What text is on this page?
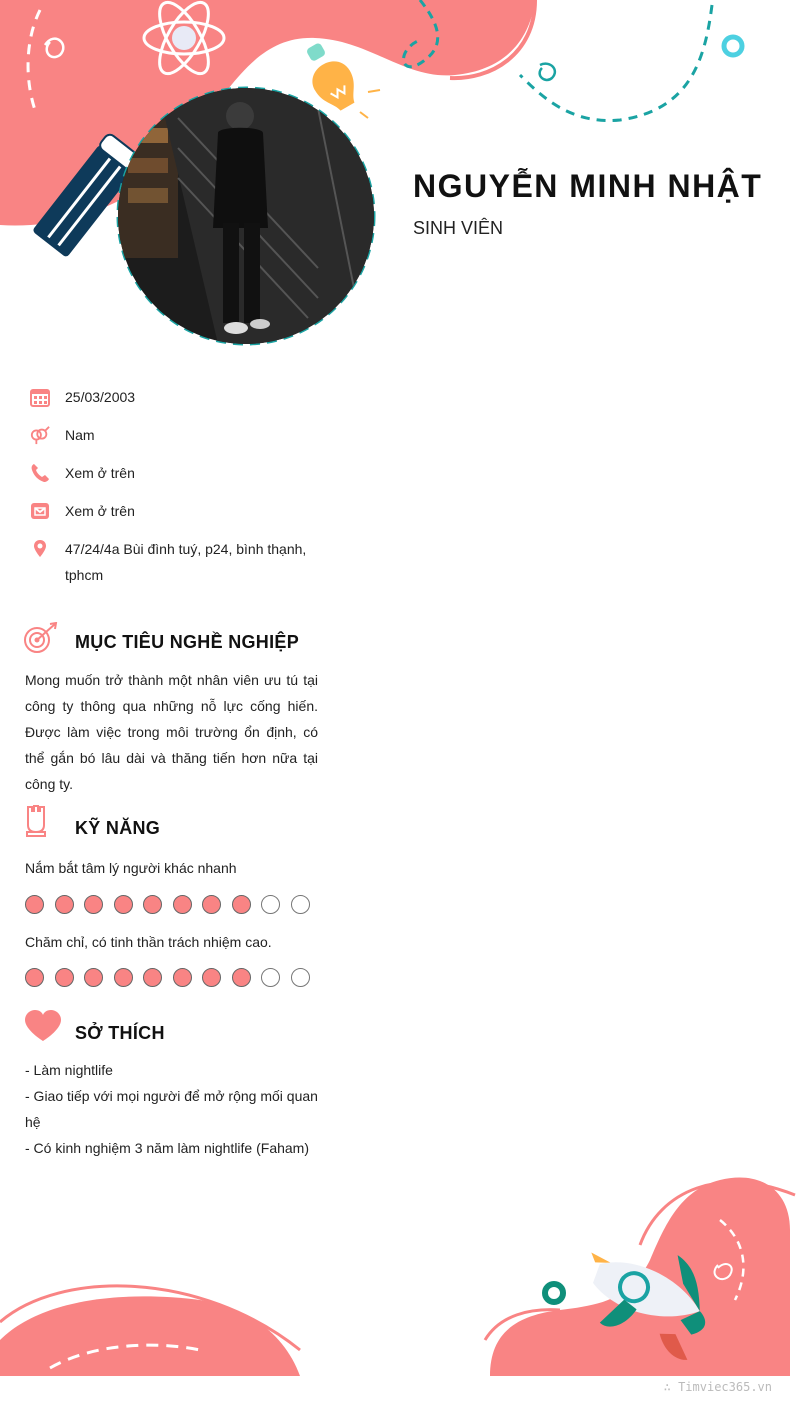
NGUYỄN MINH NHẬT
SINH VIÊN
25/03/2003
Nam
Xem ở trên
Xem ở trên
47/24/4a Bùi đình tuý, p24, bình thạnh, tphcm
MỤC TIÊU NGHỀ NGHIỆP
Mong muốn trở thành một nhân viên ưu tú tại công ty thông qua những nỗ lực cống hiến. Được làm việc trong môi trường ổn định, có thể gắn bó lâu dài và thăng tiến hơn nữa tại công ty.
KỸ NĂNG
Nắm bắt tâm lý người khác nhanh
Chăm chỉ, có tinh thần trách nhiệm cao.
SỞ THÍCH
- Làm nightlife
- Giao tiếp với mọi người để mở rộng mối quan hệ
- Có kinh nghiệm 3 năm làm nightlife (Faham)
∴ Timviec365.vn
